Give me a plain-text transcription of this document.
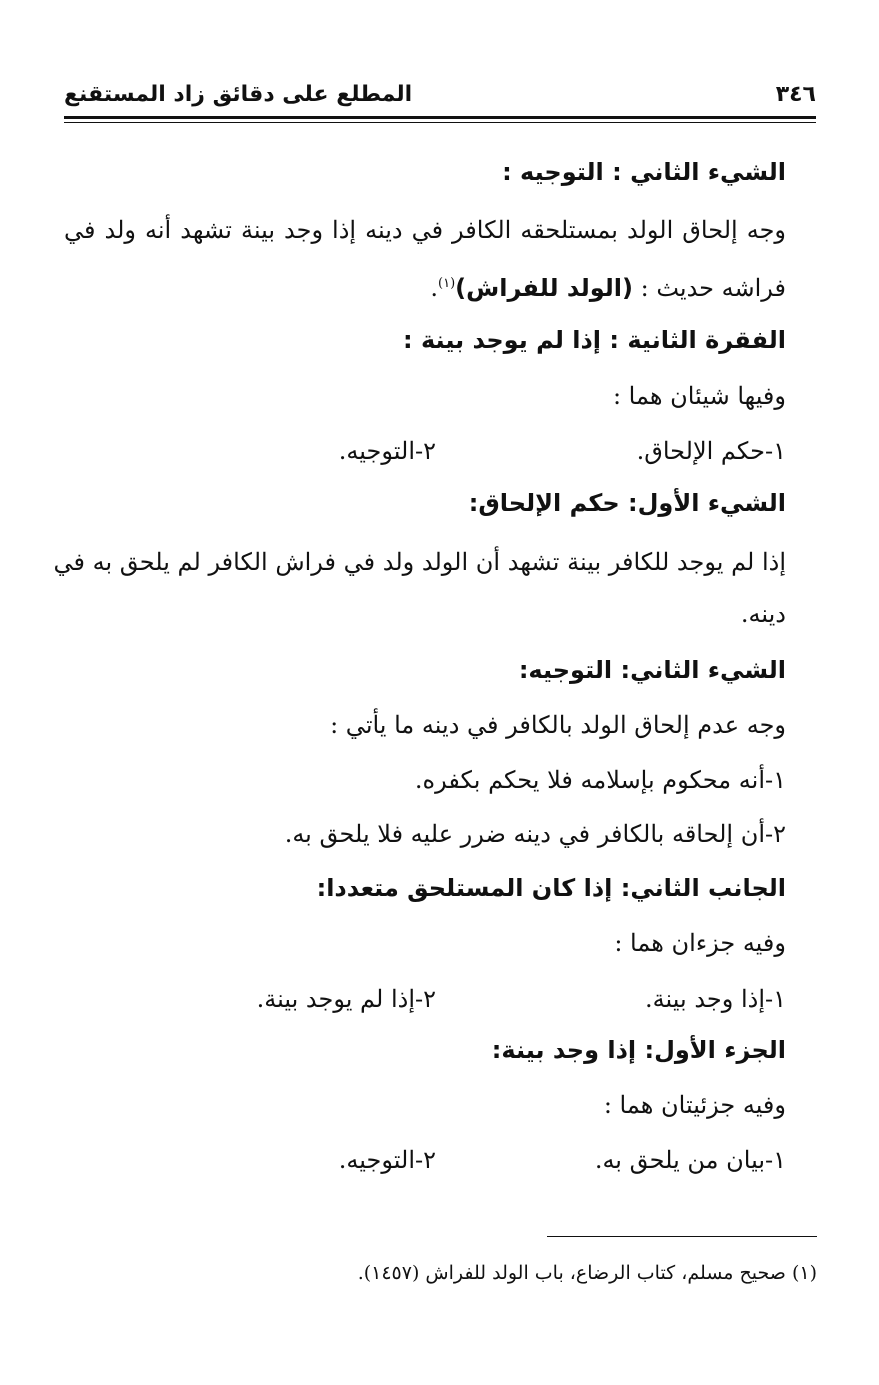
٣٤٦
المطلع على دقائق زاد المستقنع
الشيء الثاني : التوجيه :
وجه إلحاق الولد بمستلحقه الكافر في دينه إذا وجد بينة تشهد أنه ولد في
فراشه حديث : (الولد للفراش)$^{(١)}$.
الفقرة الثانية : إذا لم يوجد بينة :
وفيها شيئان هما :
١-حكم الإلحاق.
٢-التوجيه.
الشيء الأول: حكم الإلحاق:
إذا لم يوجد للكافر بينة تشهد أن الولد ولد في فراش الكافر لم يلحق به في
دينه.
الشيء الثاني: التوجيه:
وجه عدم إلحاق الولد بالكافر في دينه ما يأتي :
١-أنه محكوم بإسلامه فلا يحكم بكفره.
٢-أن إلحاقه بالكافر في دينه ضرر عليه فلا يلحق به.
الجانب الثاني: إذا كان المستلحق متعددا:
وفيه جزءان هما :
١-إذا وجد بينة.
٢-إذا لم يوجد بينة.
الجزء الأول: إذا وجد بينة:
وفيه جزئيتان هما :
١-بيان من يلحق به.
٢-التوجيه.
(١) صحيح مسلم، كتاب الرضاع، باب الولد للفراش (١٤٥٧).
